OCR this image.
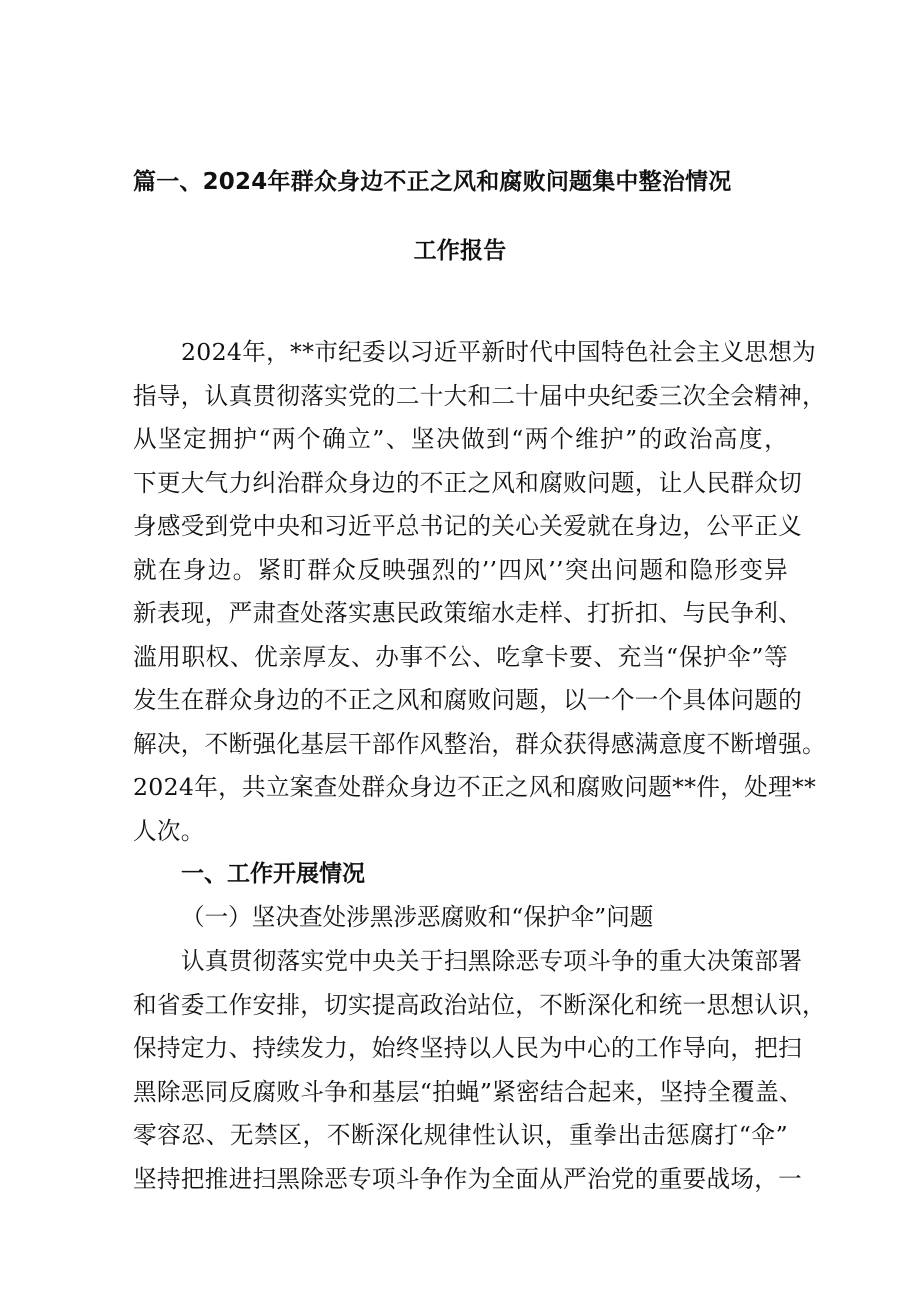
篇一、2024年群众身边不正之风和腐败问题集中整治情况
工作报告
2024年，**市纪委以习近平新时代中国特色社会主义思想为
指导，认真贯彻落实党的二十大和二十届中央纪委三次全会精神，
从坚定拥护“两个确立”、坚决做到“两个维护”的政治高度，
下更大气力纠治群众身边的不正之风和腐败问题，让人民群众切
身感受到党中央和习近平总书记的关心关爱就在身边，公平正义
就在身边。紧盯群众反映强烈的’’四风’’突出问题和隐形变异
新表现，严肃查处落实惠民政策缩水走样、打折扣、与民争利、
滥用职权、优亲厚友、办事不公、吃拿卡要、充当“保护伞”等
发生在群众身边的不正之风和腐败问题，以一个一个具体问题的
解决，不断强化基层干部作风整治，群众获得感满意度不断增强。
2024年，共立案查处群众身边不正之风和腐败问题**件，处理**
人次。
一、工作开展情况
（一）坚决查处涉黑涉恶腐败和“保护伞”问题
认真贯彻落实党中央关于扫黑除恶专项斗争的重大决策部署
和省委工作安排，切实提高政治站位，不断深化和统一思想认识，
保持定力、持续发力，始终坚持以人民为中心的工作导向，把扫
黑除恶同反腐败斗争和基层“拍蝇”紧密结合起来，坚持全覆盖、
零容忍、无禁区，不断深化规律性认识，重拳出击惩腐打“伞”
坚持把推进扫黑除恶专项斗争作为全面从严治党的重要战场，一
